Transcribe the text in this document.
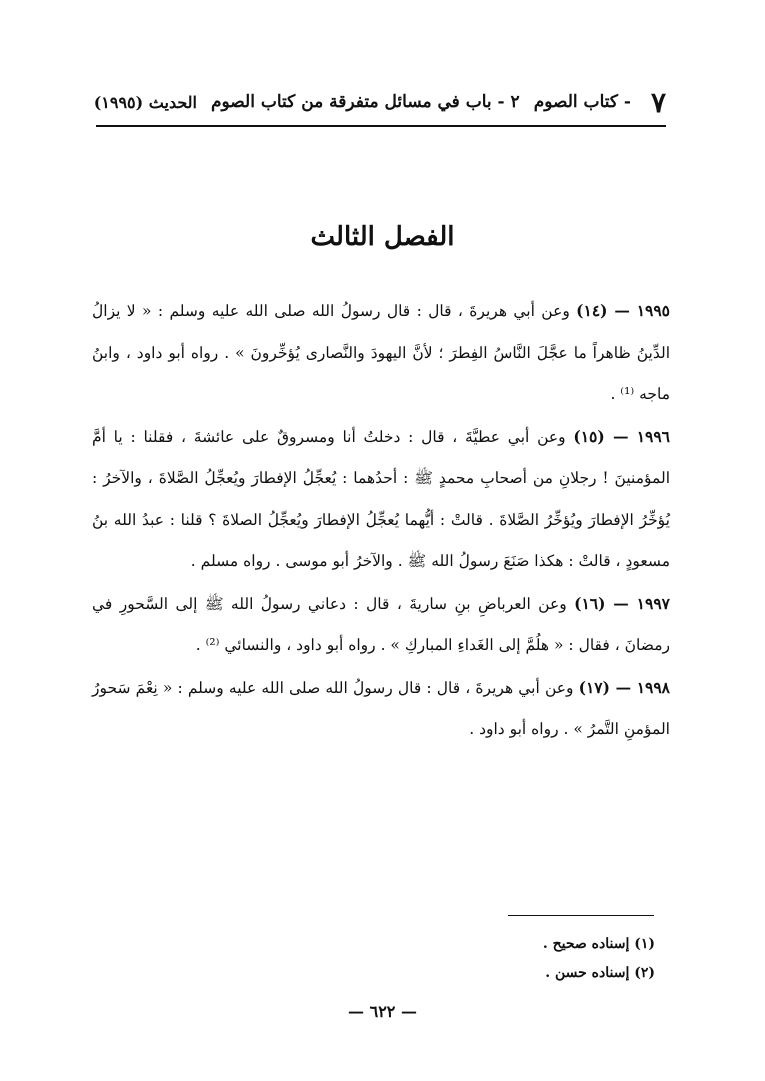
٧
- كتاب الصوم
٢ - باب في مسائل متفرقة من كتاب الصوم
الحديث (١٩٩٥)
الفصل الثالث

١٩٩٥ — (١٤) وعن أبي هريرةَ ، قال : قال رسولُ الله صلى الله عليه وسلم : « لا يزالُ الدِّينُ ظاهراً ما عجَّلَ النَّاسُ الفِطرَ ؛ لأنَّ اليهودَ والنَّصارى يُؤخِّرونَ » . رواه أبو داود ، وابنُ ماجه ⁽¹⁾ .

١٩٩٦ — (١٥) وعن أبي عطيَّةَ ، قال : دخلتُ أنا ومسروقٌ على عائشةَ ، فقلنا : يا أمَّ المؤمنينَ ! رجلانِ من أصحابِ محمدٍ ﷺ : أحدُهما : يُعجِّلُ الإفطارَ ويُعجِّلُ الصَّلاةَ ، والآخرُ : يُؤخِّرُ الإفطارَ ويُؤخِّرُ الصَّلاةَ . قالتْ : أيُّهما يُعجِّلُ الإفطارَ ويُعجِّلُ الصلاةَ ؟ قلنا : عبدُ الله بنُ مسعودٍ ، قالتْ : هكذا صَنَعَ رسولُ الله ﷺ . والآخرُ أبو موسى . رواه مسلم .

١٩٩٧ — (١٦) وعن العرباضِ بنِ ساريةَ ، قال : دعاني رسولُ الله ﷺ إلى السَّحورِ في رمضانَ ، فقال : « هلُمَّ إلى الغَداءِ المباركِ » . رواه أبو داود ، والنسائي ⁽²⁾ .

١٩٩٨ — (١٧) وعن أبي هريرةَ ، قال : قال رسولُ الله صلى الله عليه وسلم : « نِعْمَ سَحورُ المؤمنِ التَّمرُ » . رواه أبو داود .

(١) إسناده صحيح .
(٢) إسناده حسن .
— ٦٢٢ —
